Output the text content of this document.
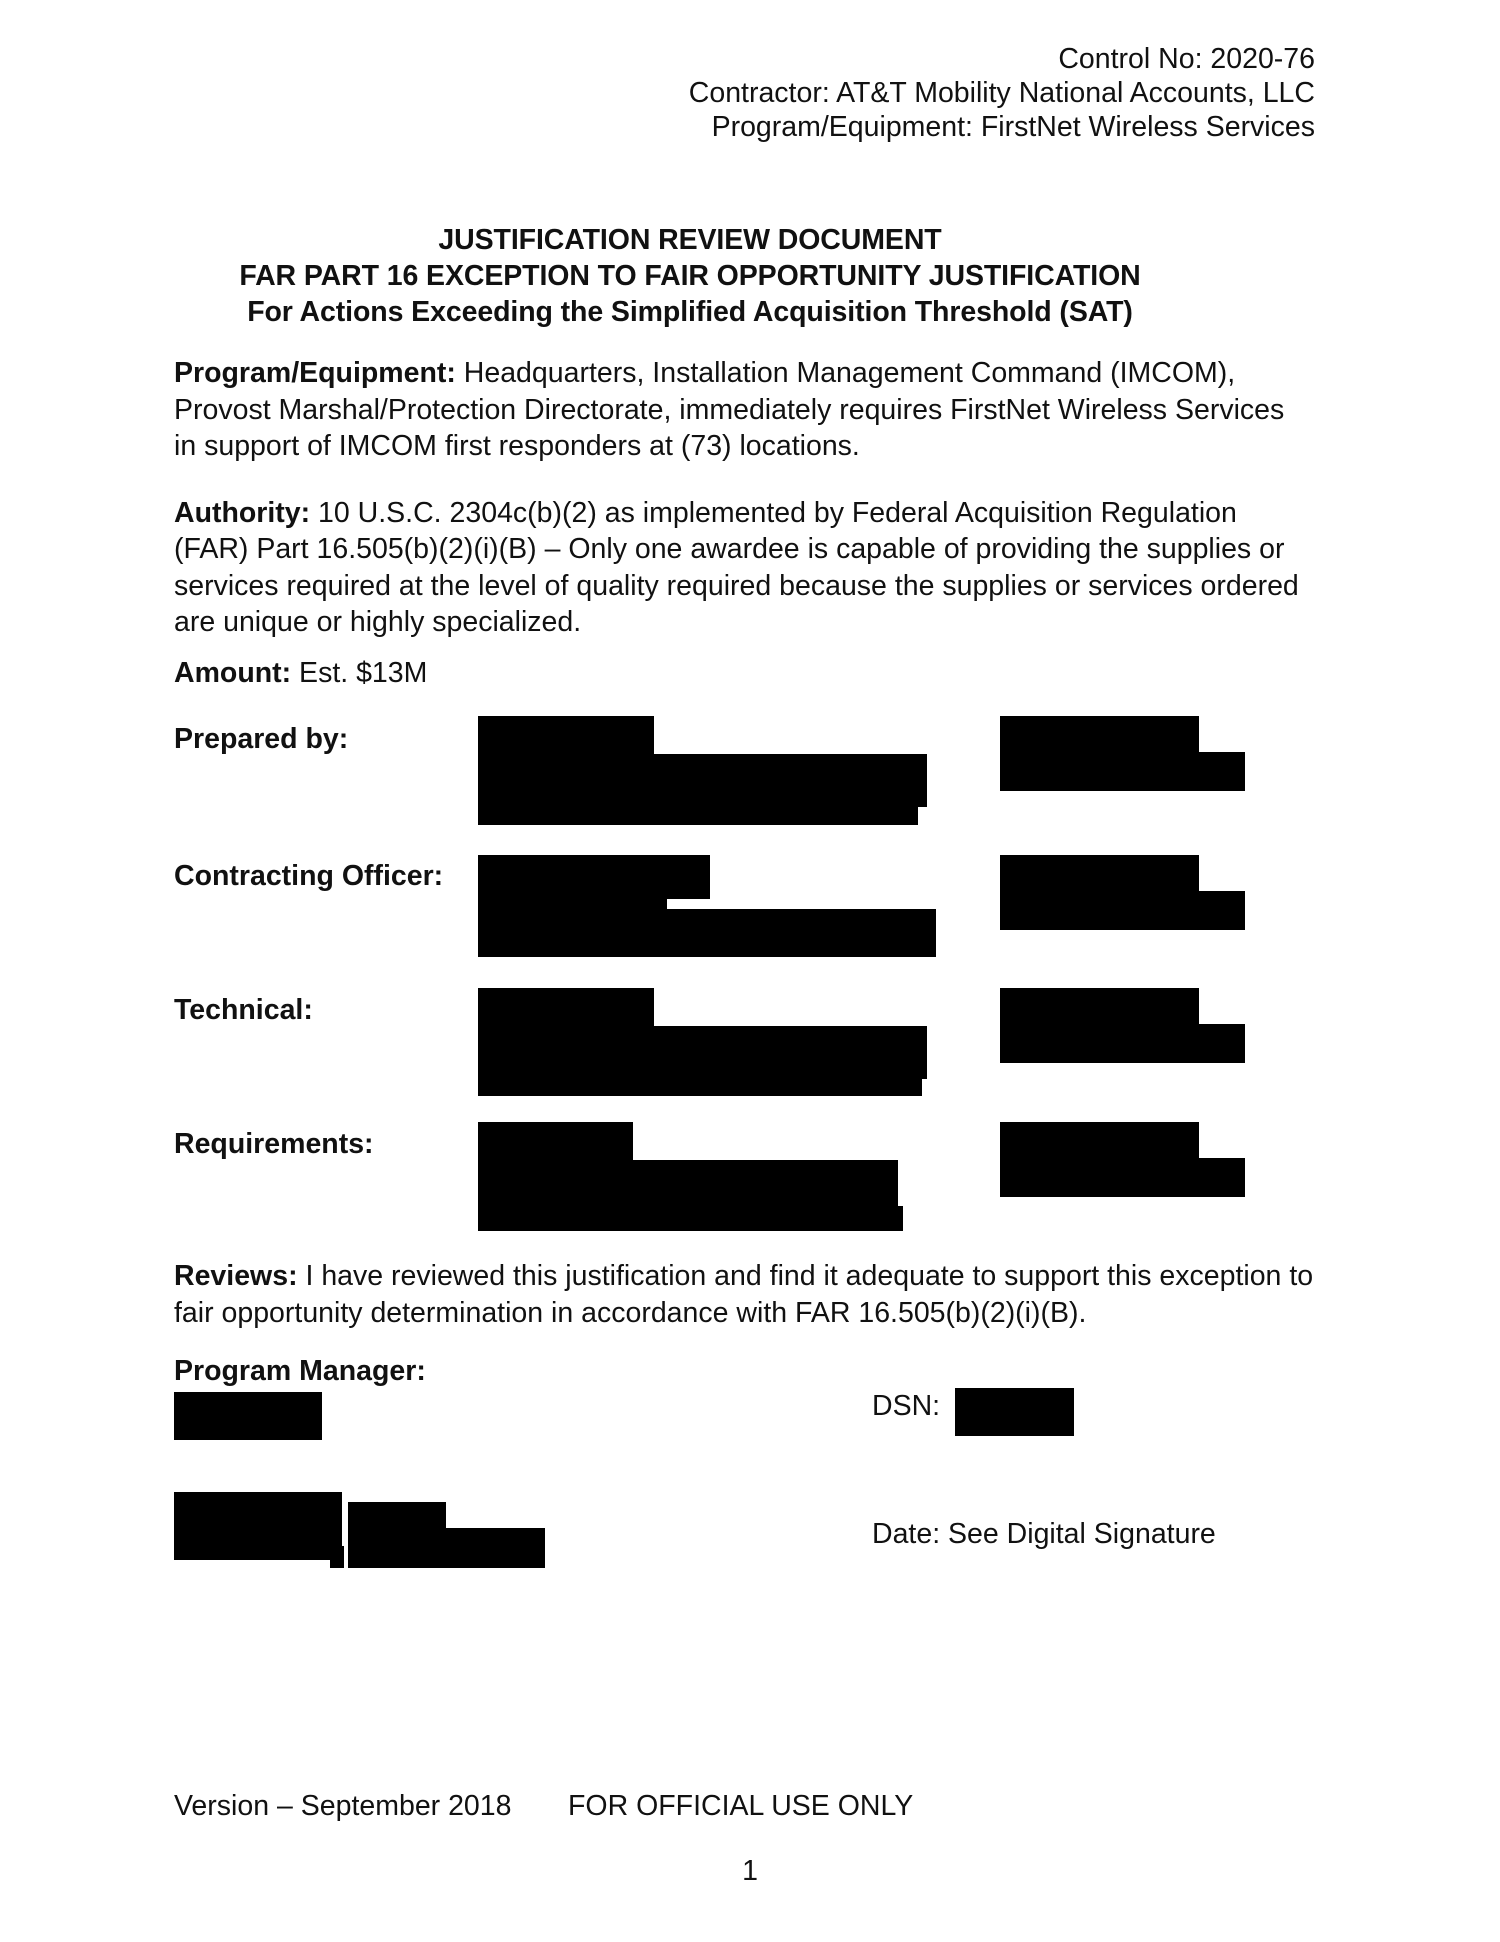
Control No: 2020-76
Contractor: AT&T Mobility National Accounts, LLC
Program/Equipment: FirstNet Wireless Services
JUSTIFICATION REVIEW DOCUMENT
FAR PART 16 EXCEPTION TO FAIR OPPORTUNITY JUSTIFICATION
For Actions Exceeding the Simplified Acquisition Threshold (SAT)

Program/Equipment: Headquarters, Installation Management Command (IMCOM), Provost Marshal/Protection Directorate, immediately requires FirstNet Wireless Services in support of IMCOM first responders at (73) locations.

Authority: 10 U.S.C. 2304c(b)(2) as implemented by Federal Acquisition Regulation (FAR) Part 16.505(b)(2)(i)(B) – Only one awardee is capable of providing the supplies or services required at the level of quality required because the supplies or services ordered are unique or highly specialized.

Amount: Est. $13M
Prepared by:
Contracting Officer:
Technical:
Requirements:
Reviews: I have reviewed this justification and find it adequate to support this exception to fair opportunity determination in accordance with FAR 16.505(b)(2)(i)(B).
Program Manager:
DSN:
Date: See Digital Signature
Version – September 2018 FOR OFFICIAL USE ONLY
1
